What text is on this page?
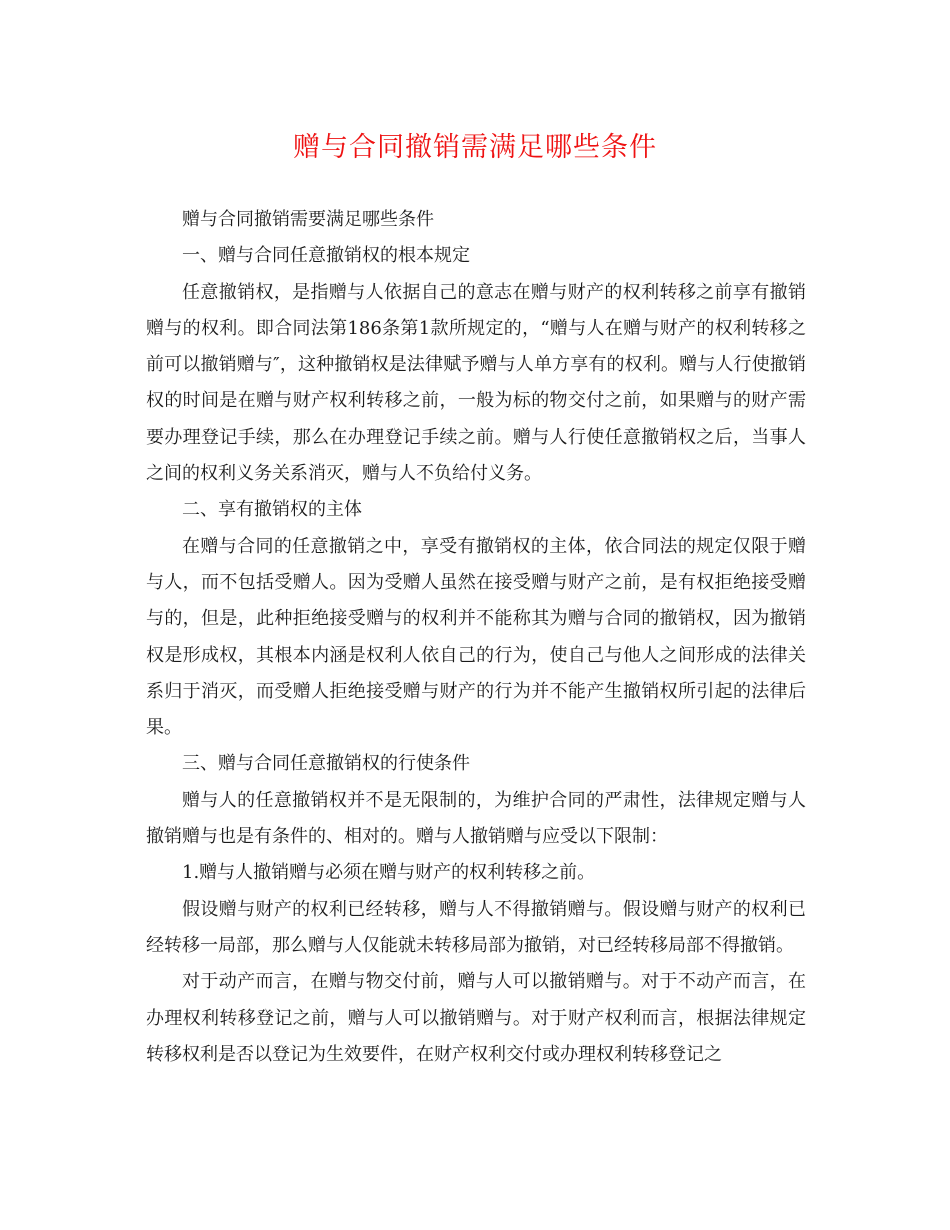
赠与合同撤销需满足哪些条件

赠与合同撤销需要满足哪些条件

一、赠与合同任意撤销权的根本规定

任意撤销权，是指赠与人依据自己的意志在赠与财产的权利转移之前享有撤销赠与的权利。即合同法第186条第1款所规定的，“赠与人在赠与财产的权利转移之前可以撤销赠与″，这种撤销权是法律赋予赠与人单方享有的权利。赠与人行使撤销权的时间是在赠与财产权利转移之前，一般为标的物交付之前，如果赠与的财产需要办理登记手续，那么在办理登记手续之前。赠与人行使任意撤销权之后，当事人之间的权利义务关系消灭，赠与人不负给付义务。

二、享有撤销权的主体

在赠与合同的任意撤销之中，享受有撤销权的主体，依合同法的规定仅限于赠与人，而不包括受赠人。因为受赠人虽然在接受赠与财产之前，是有权拒绝接受赠与的，但是，此种拒绝接受赠与的权利并不能称其为赠与合同的撤销权，因为撤销权是形成权，其根本内涵是权利人依自己的行为，使自己与他人之间形成的法律关系归于消灭，而受赠人拒绝接受赠与财产的行为并不能产生撤销权所引起的法律后果。

三、赠与合同任意撤销权的行使条件

赠与人的任意撤销权并不是无限制的，为维护合同的严肃性，法律规定赠与人撤销赠与也是有条件的、相对的。赠与人撤销赠与应受以下限制：

1.赠与人撤销赠与必须在赠与财产的权利转移之前。

假设赠与财产的权利已经转移，赠与人不得撤销赠与。假设赠与财产的权利已经转移一局部，那么赠与人仅能就未转移局部为撤销，对已经转移局部不得撤销。

对于动产而言，在赠与物交付前，赠与人可以撤销赠与。对于不动产而言，在办理权利转移登记之前，赠与人可以撤销赠与。对于财产权利而言，根据法律规定转移权利是否以登记为生效要件，在财产权利交付或办理权利转移登记之
